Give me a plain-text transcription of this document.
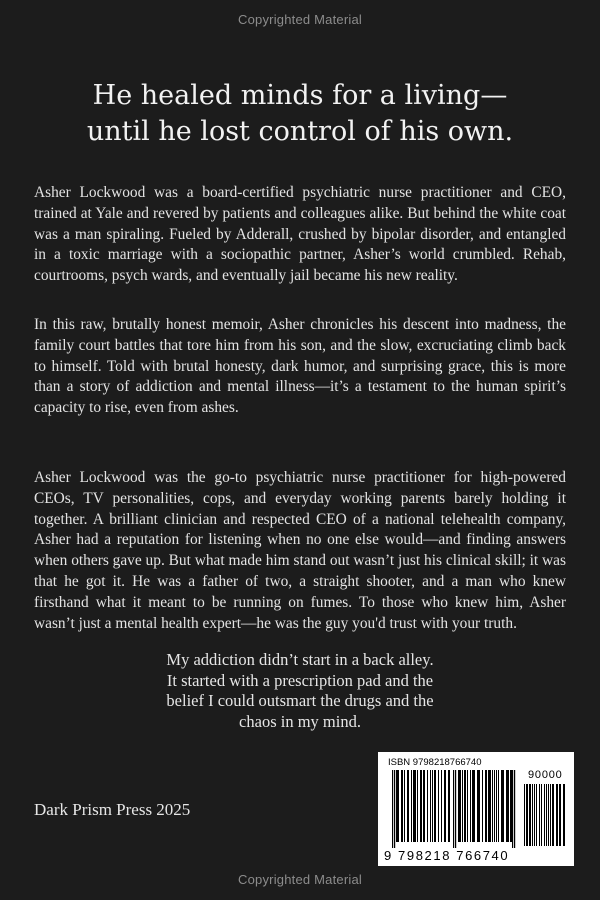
Copyrighted Material
He healed minds for a living—
until he lost control of his own.

Asher Lockwood was a board-certified psychiatric nurse practitioner and CEO, trained at Yale and revered by patients and colleagues alike. But behind the white coat was a man spiraling. Fueled by Adderall, crushed by bipolar disorder, and entangled in a toxic marriage with a sociopathic partner, Asher’s world crumbled. Rehab, courtrooms, psych wards, and eventually jail became his new reality.

In this raw, brutally honest memoir, Asher chronicles his descent into madness, the family court battles that tore him from his son, and the slow, excruciating climb back to himself. Told with brutal honesty, dark humor, and surprising grace, this is more than a story of addiction and mental illness—it’s a testament to the human spirit’s capacity to rise, even from ashes.

Asher Lockwood was the go-to psychiatric nurse practitioner for high-powered CEOs, TV personalities, cops, and everyday working parents barely holding it together. A brilliant clinician and respected CEO of a national telehealth company, Asher had a reputation for listening when no one else would—and finding answers when others gave up. But what made him stand out wasn’t just his clinical skill; it was that he got it. He was a father of two, a straight shooter, and a man who knew firsthand what it meant to be running on fumes. To those who knew him, Asher wasn’t just a mental health expert—he was the guy you'd trust with your truth.

My addiction didn’t start in a back alley.
It started with a prescription pad and the
belief I could outsmart the drugs and the
chaos in my mind.
Dark Prism Press 2025
ISBN 9798218766740
90000
9 798218 766740
Copyrighted Material
